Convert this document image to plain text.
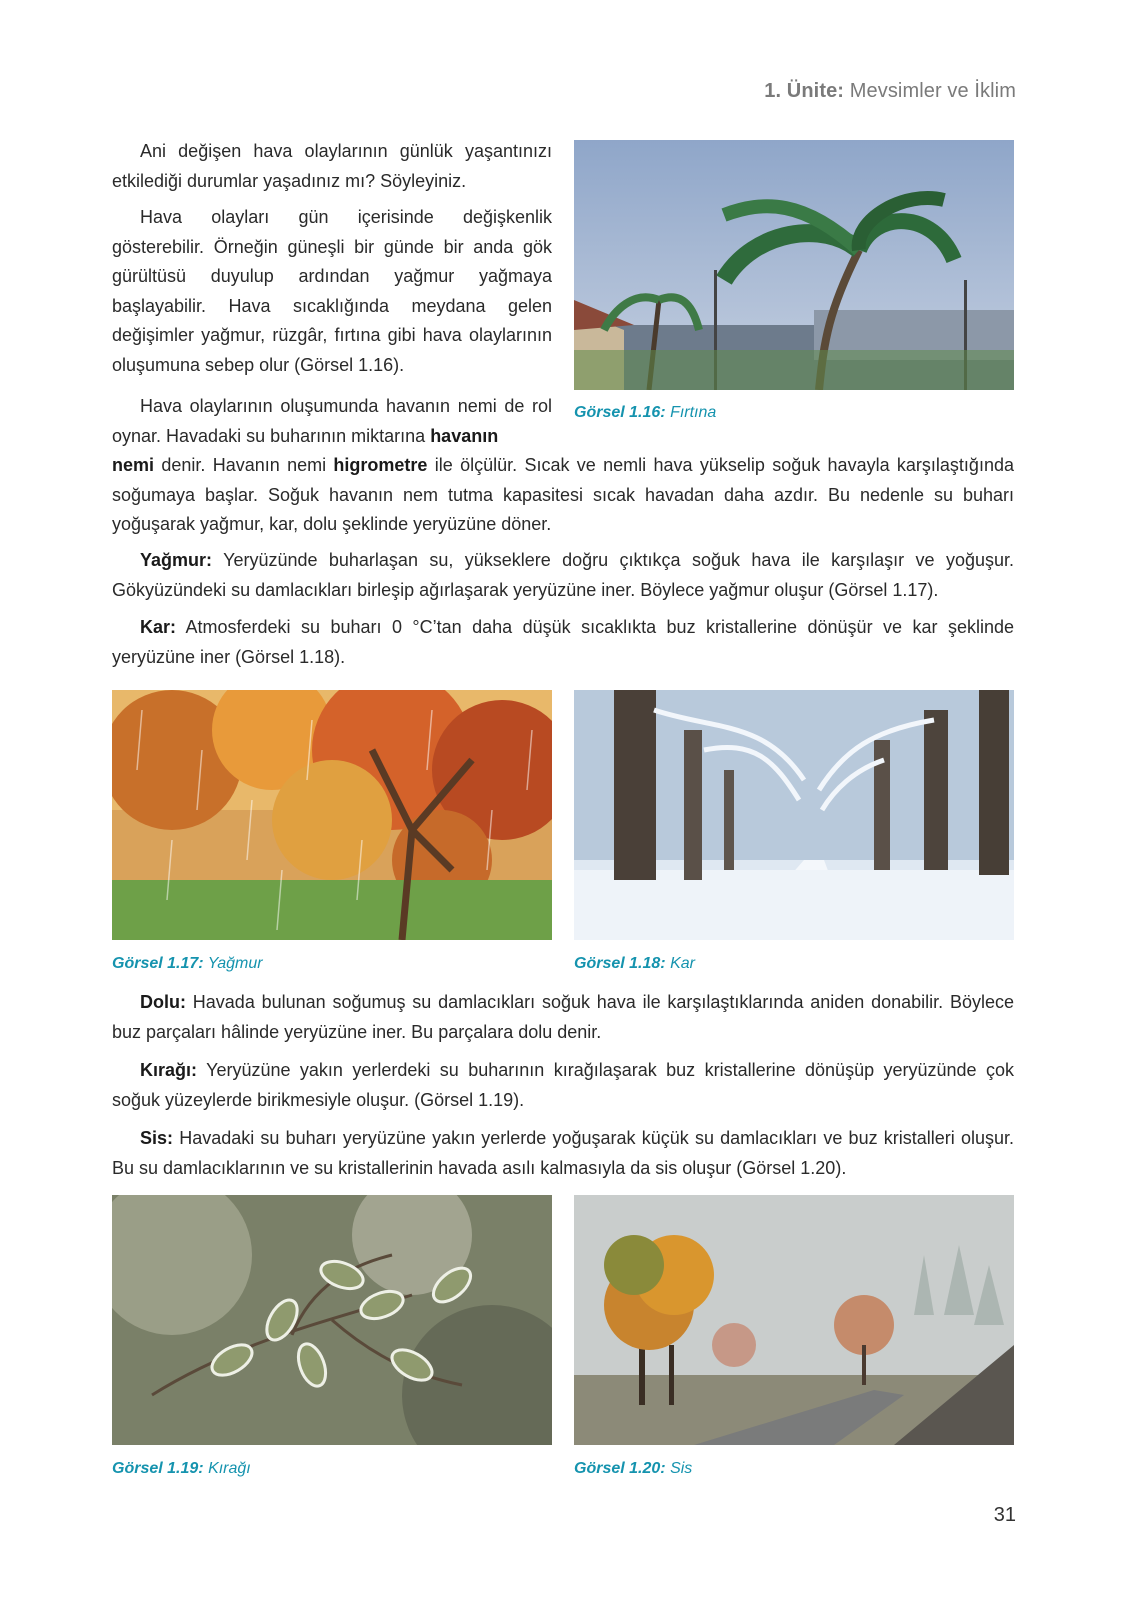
1. Ünite: Mevsimler ve İklim

Ani değişen hava olaylarının günlük yaşantınızı etkilediği durumlar yaşadınız mı? Söyleyiniz.

Hava olayları gün içerisinde değişkenlik gösterebilir. Örneğin güneşli bir günde bir anda gök gürültüsü duyulup ardından yağmur yağmaya başlayabilir. Hava sıcaklığında meydana gelen değişimler yağmur, rüzgâr, fırtına gibi hava olaylarının oluşumuna sebep olur (Görsel 1.16).

Görsel 1.16: Fırtına

Hava olaylarının oluşumunda havanın nemi de rol oynar. Havadaki su buharının miktarına havanın

nemi denir. Havanın nemi higrometre ile ölçülür. Sıcak ve nemli hava yükselip soğuk havayla karşılaştığında soğumaya başlar. Soğuk havanın nem tutma kapasitesi sıcak havadan daha azdır. Bu nedenle su buharı yoğuşarak yağmur, kar, dolu şeklinde yeryüzüne döner.

Yağmur: Yeryüzünde buharlaşan su, yükseklere doğru çıktıkça soğuk hava ile karşılaşır ve yoğuşur. Gökyüzündeki su damlacıkları birleşip ağırlaşarak yeryüzüne iner. Böylece yağmur oluşur (Görsel 1.17).

Kar: Atmosferdeki su buharı 0 °C’tan daha düşük sıcaklıkta buz kristallerine dönüşür ve kar şeklinde yeryüzüne iner (Görsel 1.18).

Görsel 1.17: Yağmur	Görsel 1.18: Kar

Dolu: Havada bulunan soğumuş su damlacıkları soğuk hava ile karşılaştıklarında aniden donabilir. Böylece buz parçaları hâlinde yeryüzüne iner. Bu parçalara dolu denir.

Kırağı: Yeryüzüne yakın yerlerdeki su buharının kırağılaşarak buz kristallerine dönüşüp yeryüzünde çok soğuk yüzeylerde birikmesiyle oluşur. (Görsel 1.19).

Sis: Havadaki su buharı yeryüzüne yakın yerlerde yoğuşarak küçük su damlacıkları ve buz kristalleri oluşur. Bu su damlacıklarının ve su kristallerinin havada asılı kalmasıyla da sis oluşur (Görsel 1.20).

Görsel 1.19: Kırağı	Görsel 1.20: Sis
31
